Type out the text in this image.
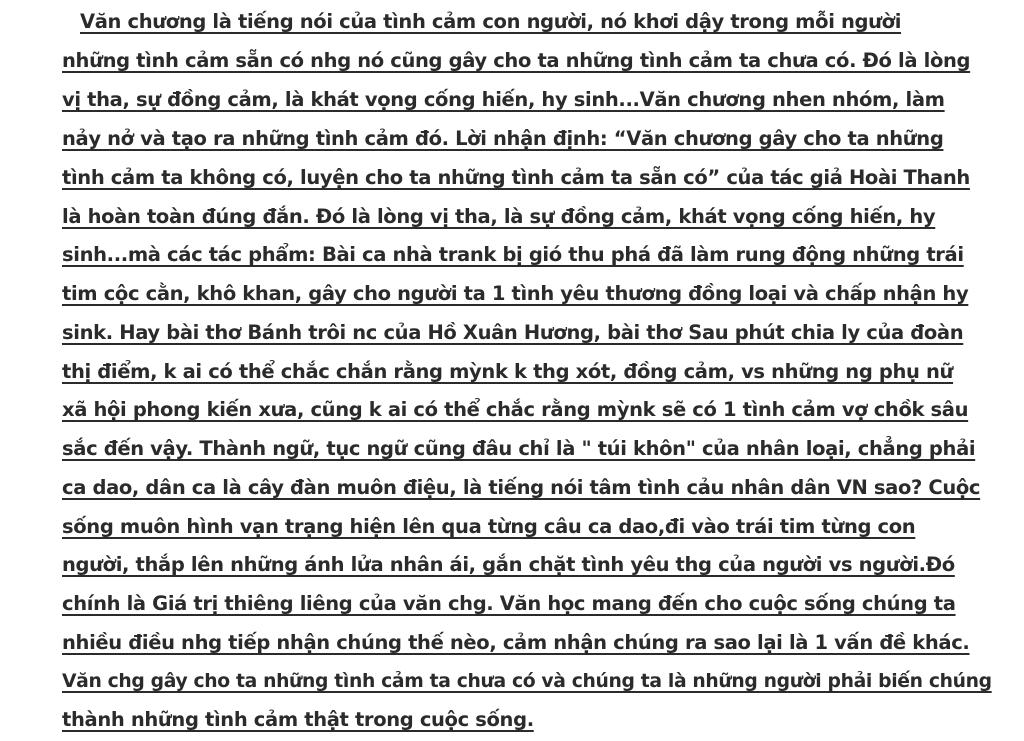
Văn chương là tiếng nói của tình cảm con người, nó khơi dậy trong mỗi người
những tình cảm sẵn có nhg nó cũng gây cho ta những tình cảm ta chưa có. Đó là lòng
vị tha, sự đồng cảm, là khát vọng cống hiến, hy sinh...Văn chương nhen nhóm, làm
nảy nở và tạo ra những tình cảm đó. Lời nhận định: “Văn chương gây cho ta những
tình cảm ta không có, luyện cho ta những tình cảm ta sẵn có” của tác giả Hoài Thanh
là hoàn toàn đúng đắn. Đó là lòng vị tha, là sự đồng cảm, khát vọng cống hiến, hy
sinh...mà các tác phẩm: Bài ca nhà trank bị gió thu phá đã làm rung động những trái
tim cộc cằn, khô khan, gây cho người ta 1 tình yêu thương đồng loại và chấp nhận hy
sink. Hay bài thơ Bánh trôi nc của Hồ Xuân Hương, bài thơ Sau phút chia ly của đoàn
thị điểm, k ai có thể chắc chắn rằng mỳnk k thg xót, đồng cảm, vs những ng phụ nữ
xã hội phong kiến xưa, cũng k ai có thể chắc rằng mỳnk sẽ có 1 tình cảm vợ chồk sâu
sắc đến vậy. Thành ngữ, tục ngữ cũng đâu chỉ là " túi khôn" của nhân loại, chẳng phải
ca dao, dân ca là cây đàn muôn điệu, là tiếng nói tâm tình cảu nhân dân VN sao? Cuộc
sống muôn hình vạn trạng hiện lên qua từng câu ca dao,đi vào trái tim từng con
người, thắp lên những ánh lửa nhân ái, gắn chặt tình yêu thg của người vs người.Đó
chính là Giá trị thiêng liêng của văn chg. Văn học mang đến cho cuộc sống chúng ta
nhiều điều nhg tiếp nhận chúng thế nèo, cảm nhận chúng ra sao lại là 1 vấn đề khác.
Văn chg gây cho ta những tình cảm ta chưa có và chúng ta là những người phải biến chúng
thành những tình cảm thật trong cuộc sống.
